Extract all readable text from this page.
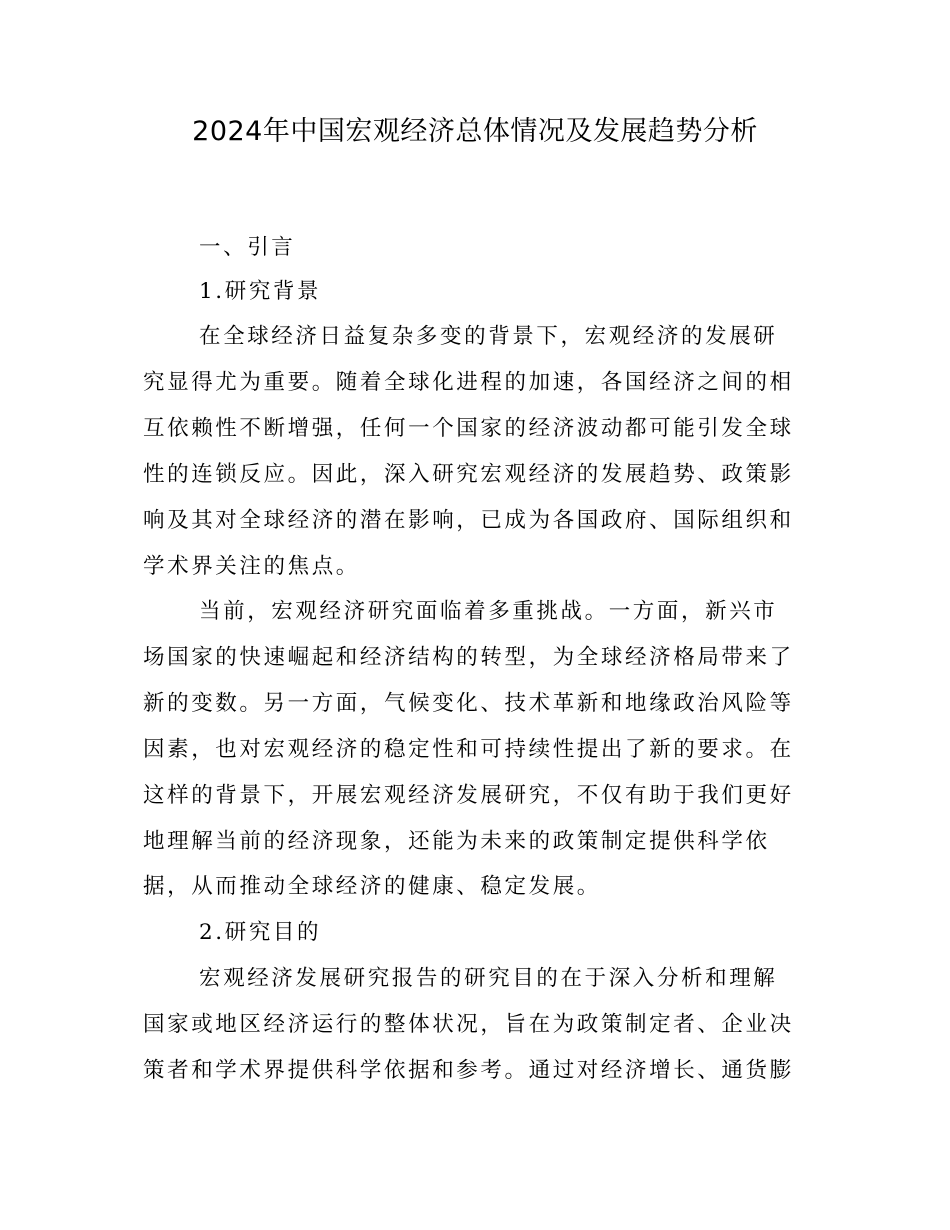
2024年中国宏观经济总体情况及发展趋势分析
一、引言
1.研究背景
在全球经济日益复杂多变的背景下，宏观经济的发展研
究显得尤为重要。随着全球化进程的加速，各国经济之间的相
互依赖性不断增强，任何一个国家的经济波动都可能引发全球
性的连锁反应。因此，深入研究宏观经济的发展趋势、政策影
响及其对全球经济的潜在影响，已成为各国政府、国际组织和
学术界关注的焦点。
当前，宏观经济研究面临着多重挑战。一方面，新兴市
场国家的快速崛起和经济结构的转型，为全球经济格局带来了
新的变数。另一方面，气候变化、技术革新和地缘政治风险等
因素，也对宏观经济的稳定性和可持续性提出了新的要求。在
这样的背景下，开展宏观经济发展研究，不仅有助于我们更好
地理解当前的经济现象，还能为未来的政策制定提供科学依
据，从而推动全球经济的健康、稳定发展。
2.研究目的
宏观经济发展研究报告的研究目的在于深入分析和理解
国家或地区经济运行的整体状况，旨在为政策制定者、企业决
策者和学术界提供科学依据和参考。通过对经济增长、通货膨
